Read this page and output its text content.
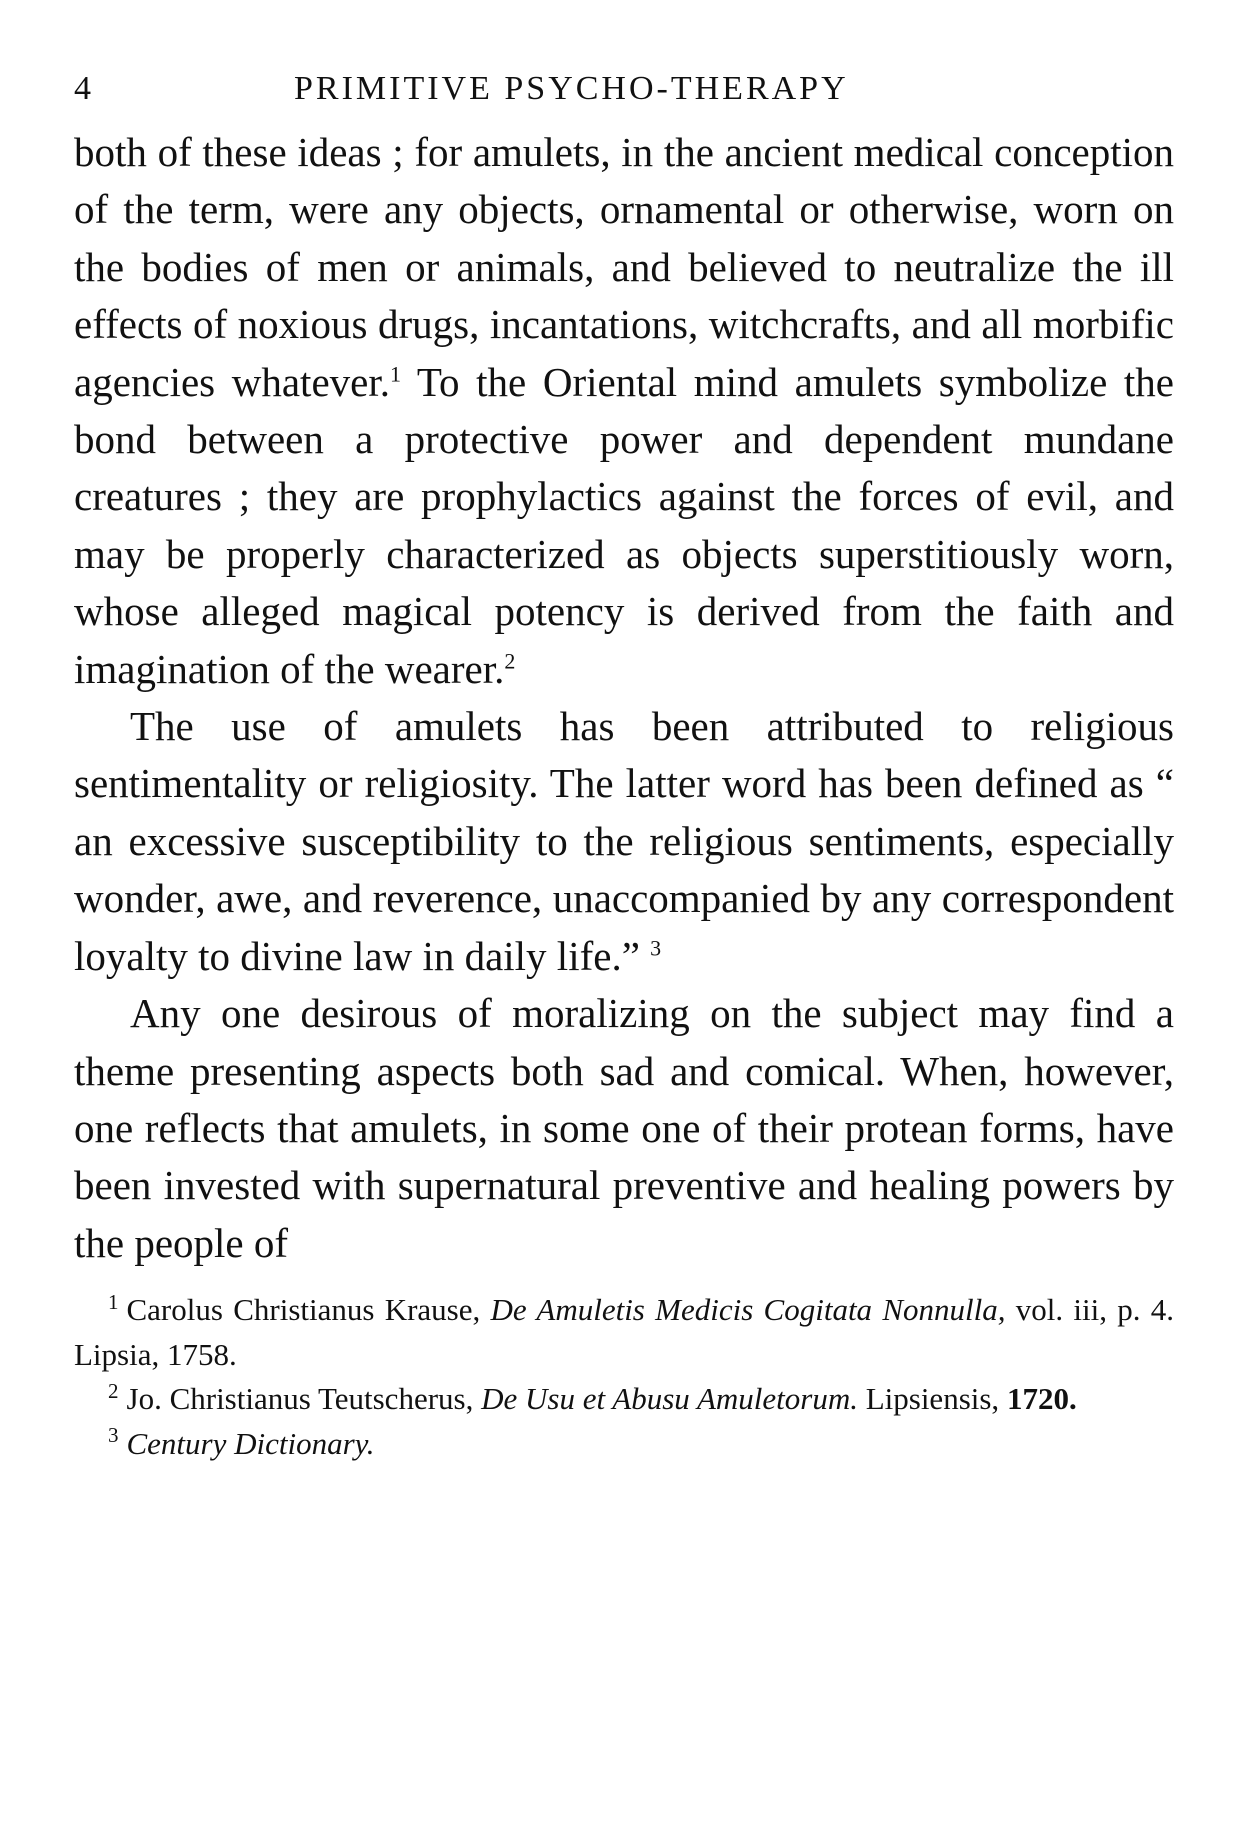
4	PRIMITIVE PSYCHO-THERAPY

both of these ideas ; for amulets, in the ancient medical conception of the term, were any objects, ornamental or otherwise, worn on the bodies of men or animals, and believed to neutralize the ill effects of noxious drugs, incantations, witchcrafts, and all morbific agencies whatever.$^1$ To the Oriental mind amulets symbolize the bond between a protective power and dependent mundane creatures ; they are prophylactics against the forces of evil, and may be properly characterized as objects superstitiously worn, whose alleged magical potency is derived from the faith and imagination of the wearer.$^2$

The use of amulets has been attributed to religious sentimentality or religiosity. The latter word has been defined as “ an excessive susceptibility to the religious sentiments, especially wonder, awe, and reverence, unaccompanied by any correspondent loyalty to divine law in daily life.” $^3$

Any one desirous of moralizing on the subject may find a theme presenting aspects both sad and comical. When, however, one reflects that amulets, in some one of their protean forms, have been invested with supernatural preventive and healing powers by the people of

$^1$ Carolus Christianus Krause, De Amuletis Medicis Cogitata Nonnulla, vol. iii, p. 4. Lipsia, 1758.

$^2$ Jo. Christianus Teutscherus, De Usu et Abusu Amuletorum. Lipsiensis, 1720.

$^3$ Century Dictionary.
